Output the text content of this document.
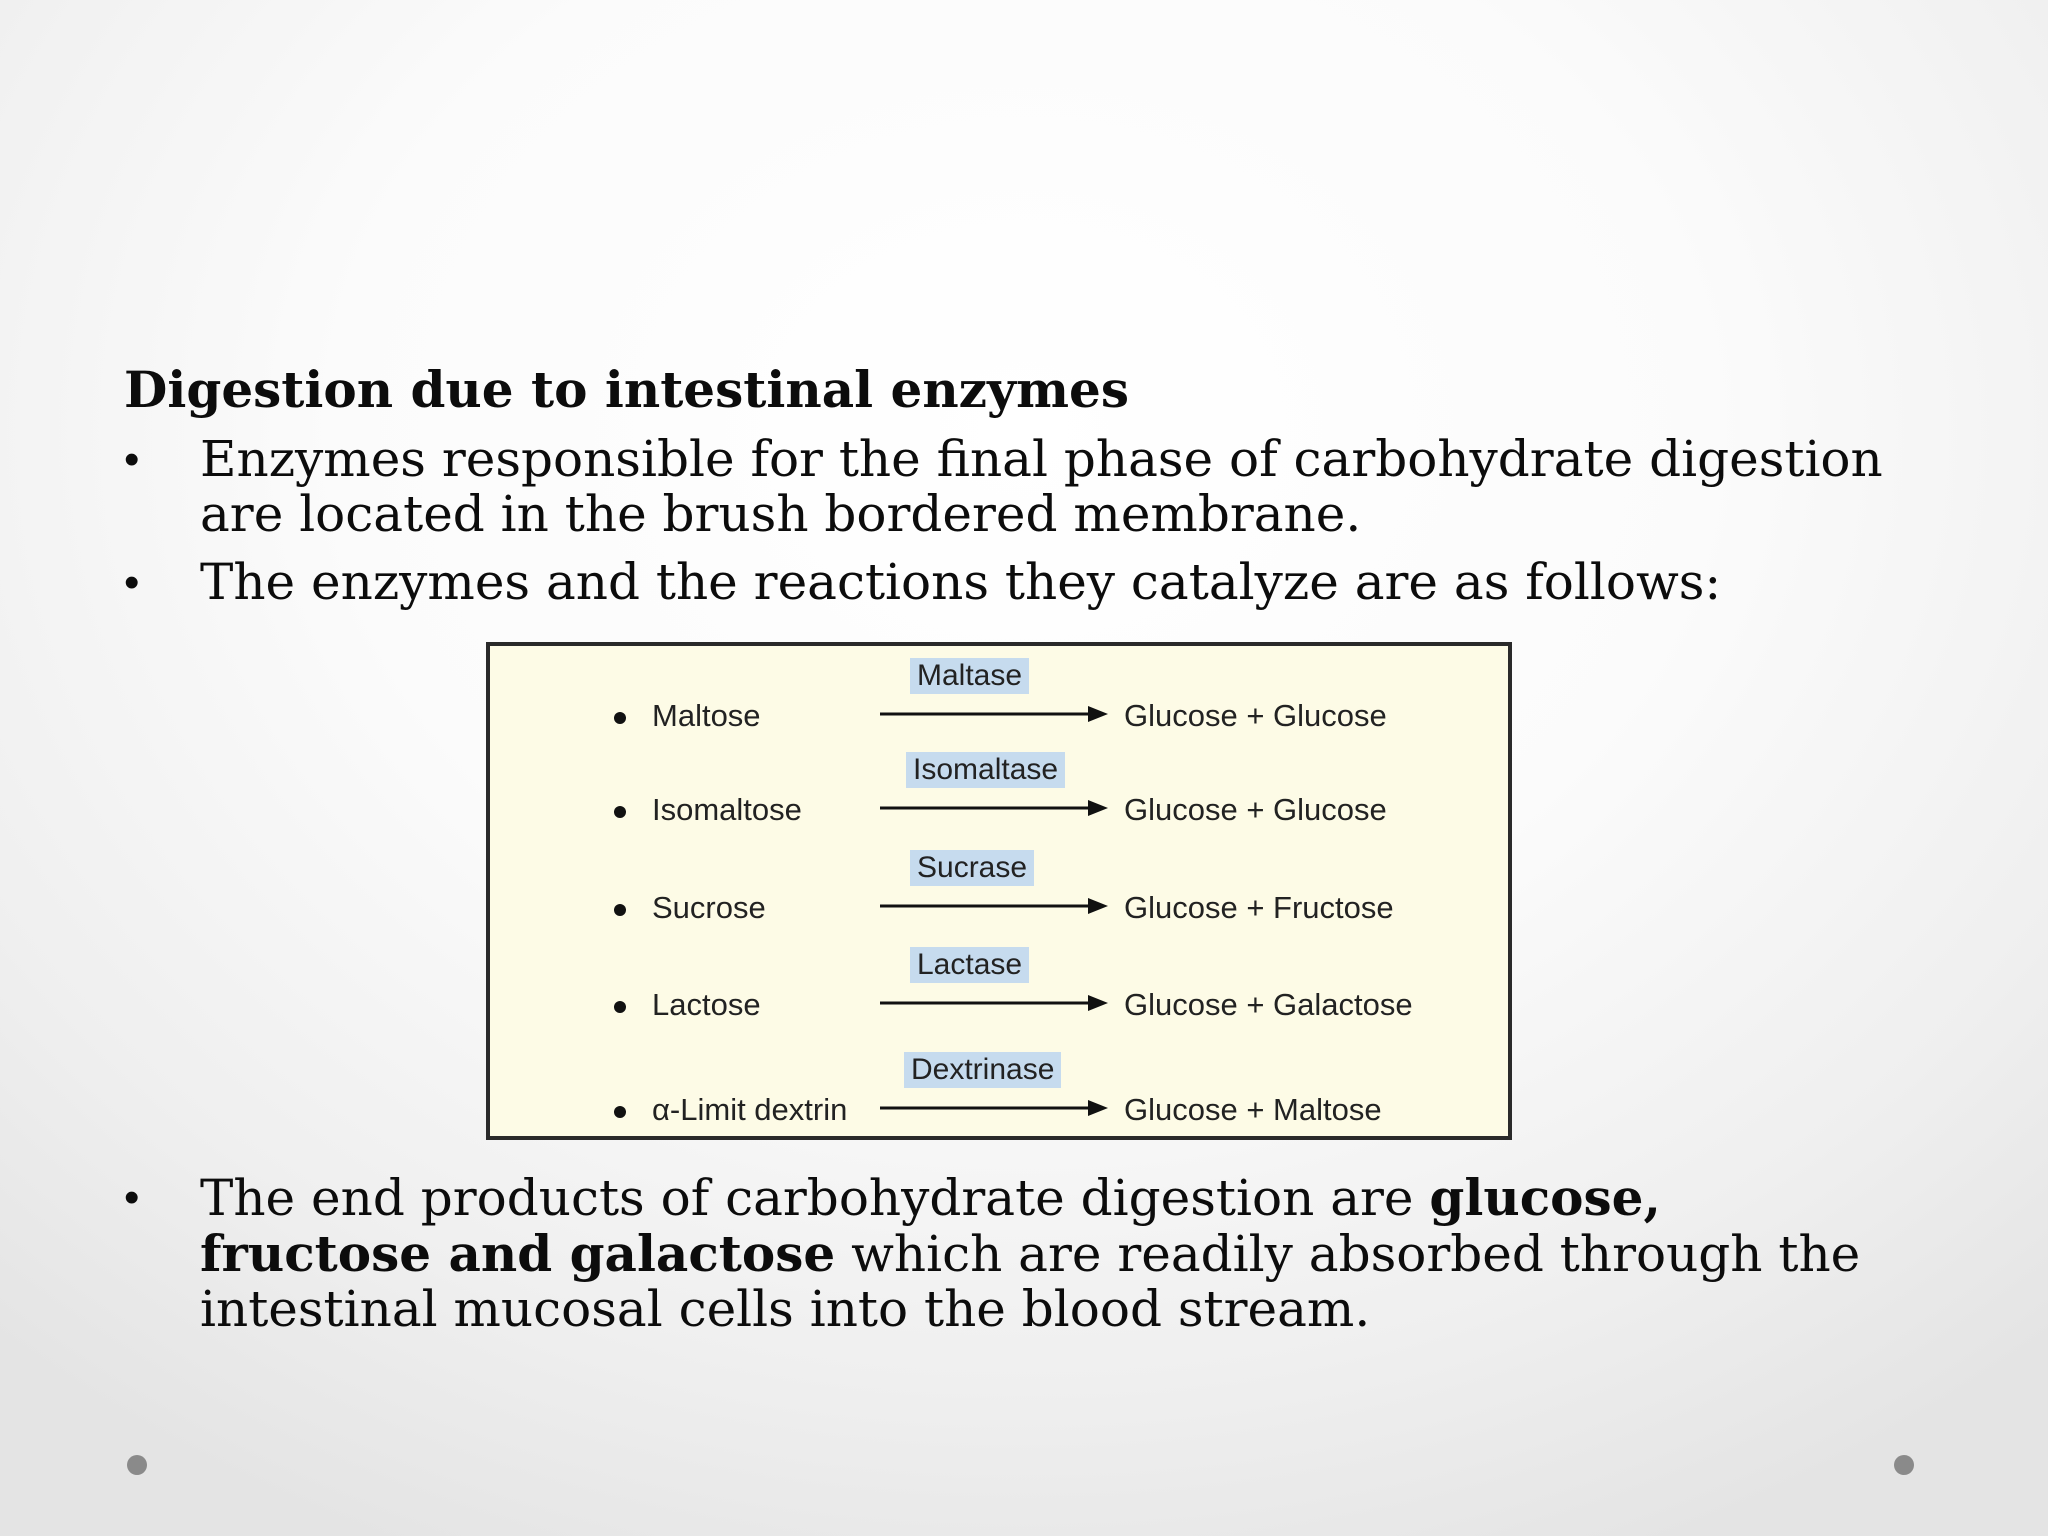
Digestion due to intestinal enzymes
• Enzymes responsible for the final phase of carbohydrate digestion are located in the brush bordered membrane.
• The enzymes and the reactions they catalyze are as follows:
Maltose
Maltase
Glucose + Glucose
Isomaltose
Isomaltase
Glucose + Glucose
Sucrose
Sucrase
Glucose + Fructose
Lactose
Lactase
Glucose + Galactose
α-Limit dextrin
Dextrinase
Glucose + Maltose
• The end products of carbohydrate digestion are glucose, fructose and galactose which are readily absorbed through the intestinal mucosal cells into the blood stream.
